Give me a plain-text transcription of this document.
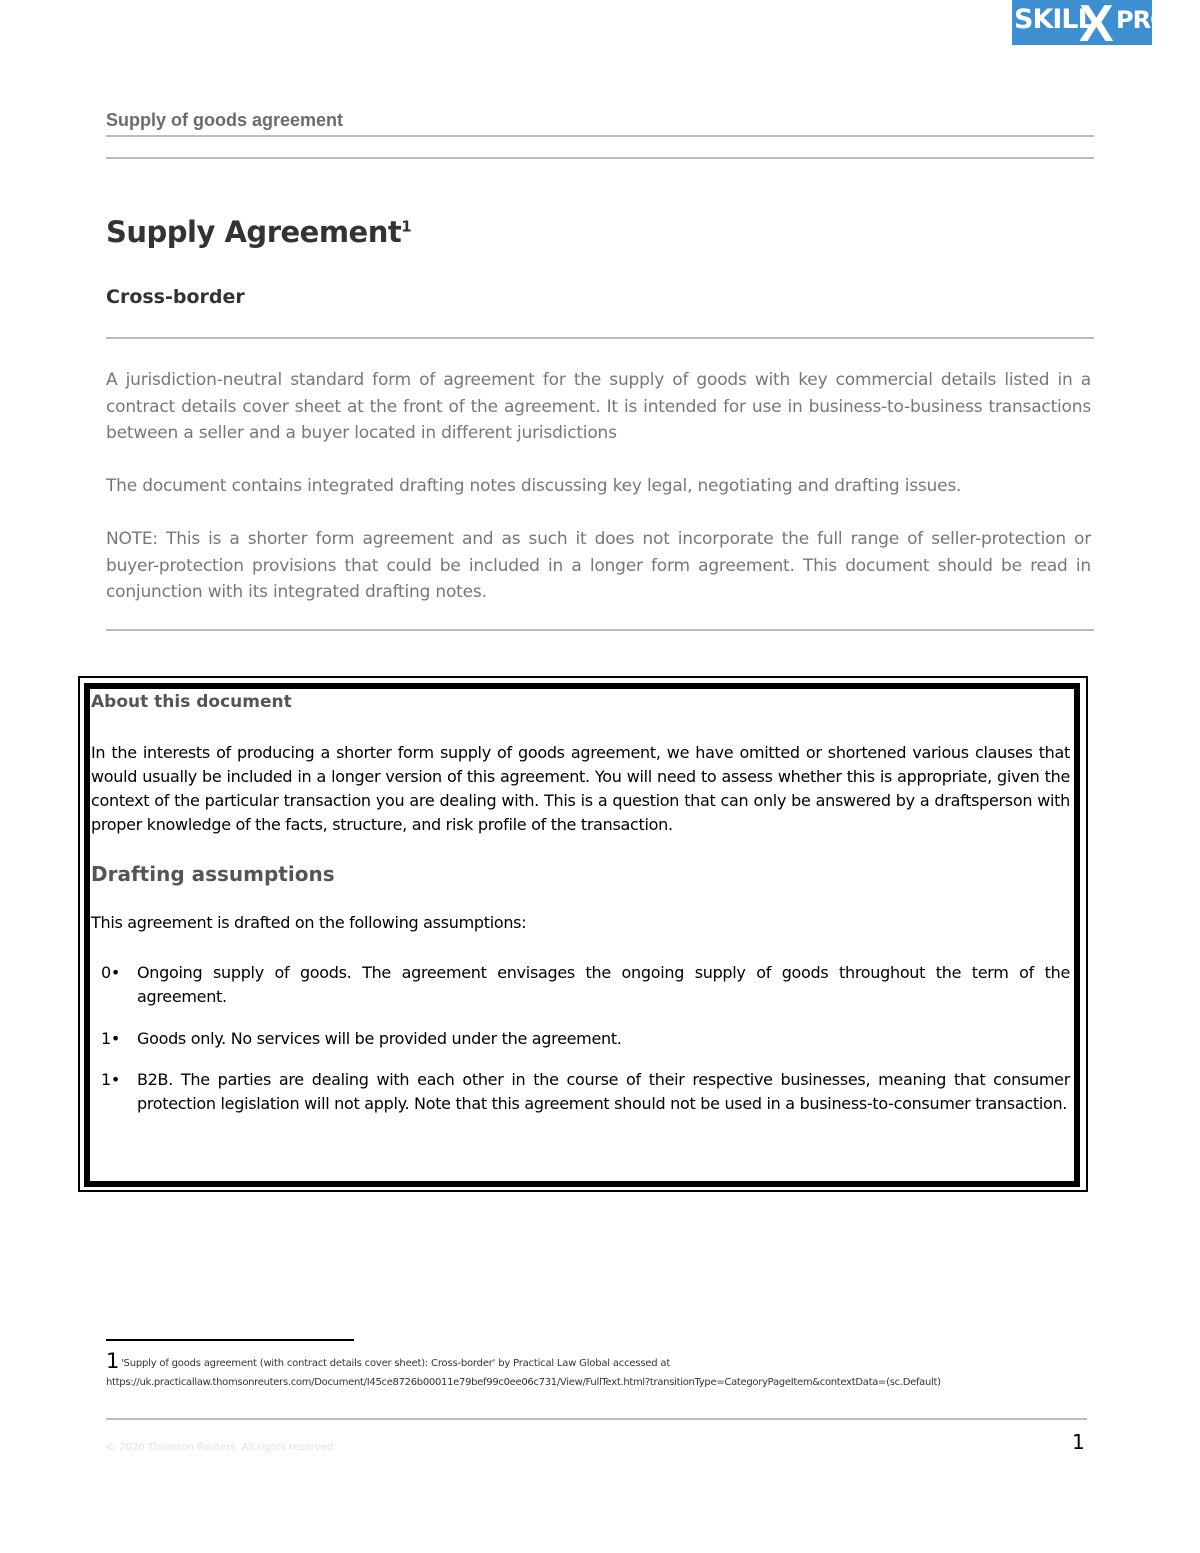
SKILL
X PRO
Supply of goods agreement
Supply Agreement$^1$
Cross-border
A jurisdiction-neutral standard form of agreement for the supply of goods with key commercial details listed in a contract details cover sheet at the front of the agreement. It is intended for use in business-to-business transactions between a seller and a buyer located in different jurisdictions
The document contains integrated drafting notes discussing key legal, negotiating and drafting issues.
NOTE: This is a shorter form agreement and as such it does not incorporate the full range of seller-protection or buyer-protection provisions that could be included in a longer form agreement. This document should be read in conjunction with its integrated drafting notes.

About this document

In the interests of producing a shorter form supply of goods agreement, we have omitted or shortened various clauses that would usually be included in a longer version of this agreement. You will need to assess whether this is appropriate, given the context of the particular transaction you are dealing with. This is a question that can only be answered by a draftsperson with proper knowledge of the facts, structure, and risk profile of the transaction.

Drafting assumptions

This agreement is drafted on the following assumptions:

0•	Ongoing supply of goods. The agreement envisages the ongoing supply of goods throughout the term of the agreement.
1•	Goods only. No services will be provided under the agreement.
1•	B2B. The parties are dealing with each other in the course of their respective businesses, meaning that consumer protection legislation will not apply. Note that this agreement should not be used in a business-to-consumer transaction.
1 'Supply of goods agreement (with contract details cover sheet): Cross-border' by Practical Law Global accessed at
https://uk.practicallaw.thomsonreuters.com/Document/I45ce8726b00011e79bef99c0ee06c731/View/FullText.html?transitionType=CategoryPageItem&contextData=(sc.Default)
© 2020 Thomson Reuters. All rights reserved.	1
